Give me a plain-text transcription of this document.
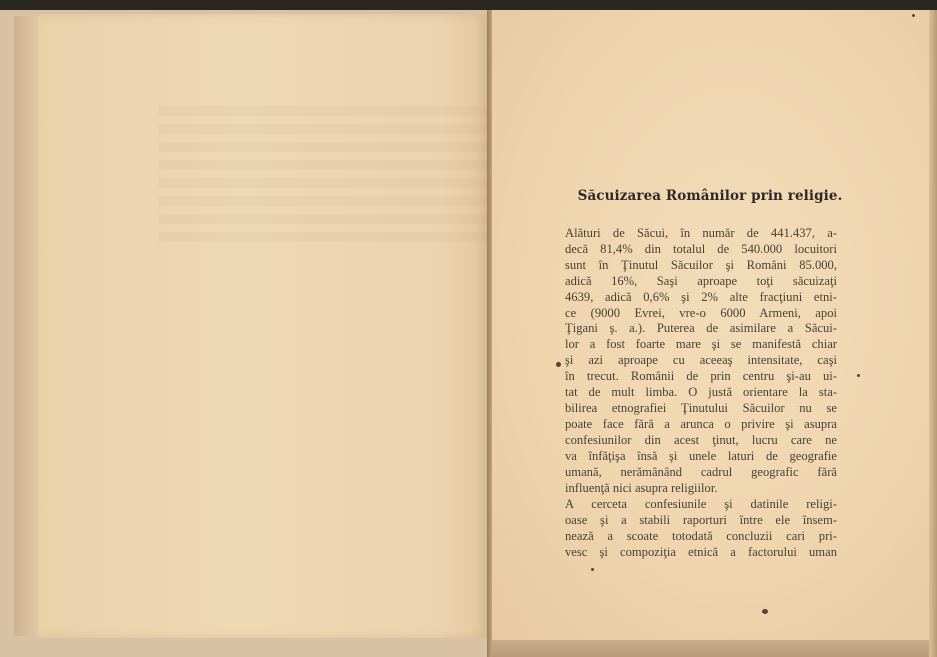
Săcuizarea Românilor prin religie.
Alături de Săcui, în număr de 441.437, a-
decă 81,4% din totalul de 540.000 locuitori
sunt în Ţinutul Săcuilor şi Români 85.000,
adică 16%, Saşi aproape toţi săcuizaţi
4639, adică 0,6% şi 2% alte fracţiuni etni-
ce (9000 Evrei, vre-o 6000 Armeni, apoi
Ţigani ş. a.). Puterea de asimilare a Săcui-
lor a fost foarte mare şi se manifestă chiar
şi azi aproape cu aceeaş intensitate, caşi
în trecut. Românii de prin centru şi-au ui-
tat de mult limba. O justă orientare la sta-
bilirea etnografiei Ţinutului Săcuilor nu se
poate face fără a arunca o privire şi asupra
confesiunilor din acest ţinut, lucru care ne
va înfăţişa însă şi unele laturi de geografie
umană, nerămânând cadrul geografic fără
influenţă nici asupra religiilor.
A cerceta confesiunile şi datinile religi-
oase şi a stabili raporturi între ele însem-
nează a scoate totodată concluzii cari pri-
vesc şi compoziţia etnică a factorului uman
